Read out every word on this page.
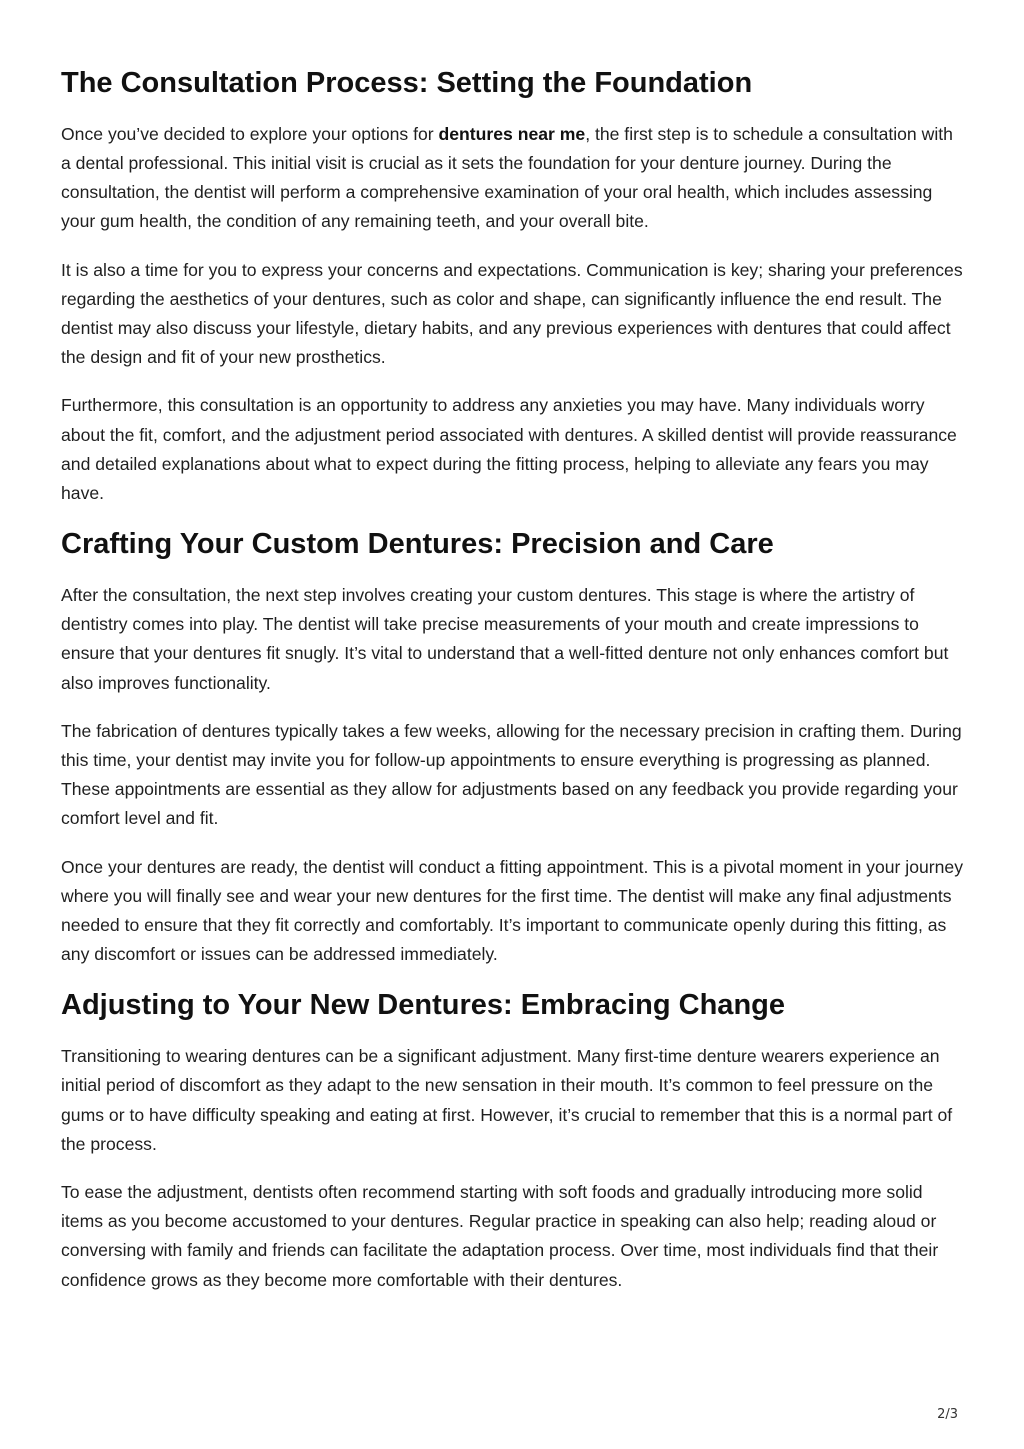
The Consultation Process: Setting the Foundation

Once you’ve decided to explore your options for dentures near me, the first step is to schedule a consultation with a dental professional. This initial visit is crucial as it sets the foundation for your denture journey. During the consultation, the dentist will perform a comprehensive examination of your oral health, which includes assessing your gum health, the condition of any remaining teeth, and your overall bite.

It is also a time for you to express your concerns and expectations. Communication is key; sharing your preferences regarding the aesthetics of your dentures, such as color and shape, can significantly influence the end result. The dentist may also discuss your lifestyle, dietary habits, and any previous experiences with dentures that could affect the design and fit of your new prosthetics.

Furthermore, this consultation is an opportunity to address any anxieties you may have. Many individuals worry about the fit, comfort, and the adjustment period associated with dentures. A skilled dentist will provide reassurance and detailed explanations about what to expect during the fitting process, helping to alleviate any fears you may have.

Crafting Your Custom Dentures: Precision and Care

After the consultation, the next step involves creating your custom dentures. This stage is where the artistry of dentistry comes into play. The dentist will take precise measurements of your mouth and create impressions to ensure that your dentures fit snugly. It’s vital to understand that a well-fitted denture not only enhances comfort but also improves functionality.

The fabrication of dentures typically takes a few weeks, allowing for the necessary precision in crafting them. During this time, your dentist may invite you for follow-up appointments to ensure everything is progressing as planned. These appointments are essential as they allow for adjustments based on any feedback you provide regarding your comfort level and fit.

Once your dentures are ready, the dentist will conduct a fitting appointment. This is a pivotal moment in your journey where you will finally see and wear your new dentures for the first time. The dentist will make any final adjustments needed to ensure that they fit correctly and comfortably. It’s important to communicate openly during this fitting, as any discomfort or issues can be addressed immediately.

Adjusting to Your New Dentures: Embracing Change

Transitioning to wearing dentures can be a significant adjustment. Many first-time denture wearers experience an initial period of discomfort as they adapt to the new sensation in their mouth. It’s common to feel pressure on the gums or to have difficulty speaking and eating at first. However, it’s crucial to remember that this is a normal part of the process.

To ease the adjustment, dentists often recommend starting with soft foods and gradually introducing more solid items as you become accustomed to your dentures. Regular practice in speaking can also help; reading aloud or conversing with family and friends can facilitate the adaptation process. Over time, most individuals find that their confidence grows as they become more comfortable with their dentures.

2/3
